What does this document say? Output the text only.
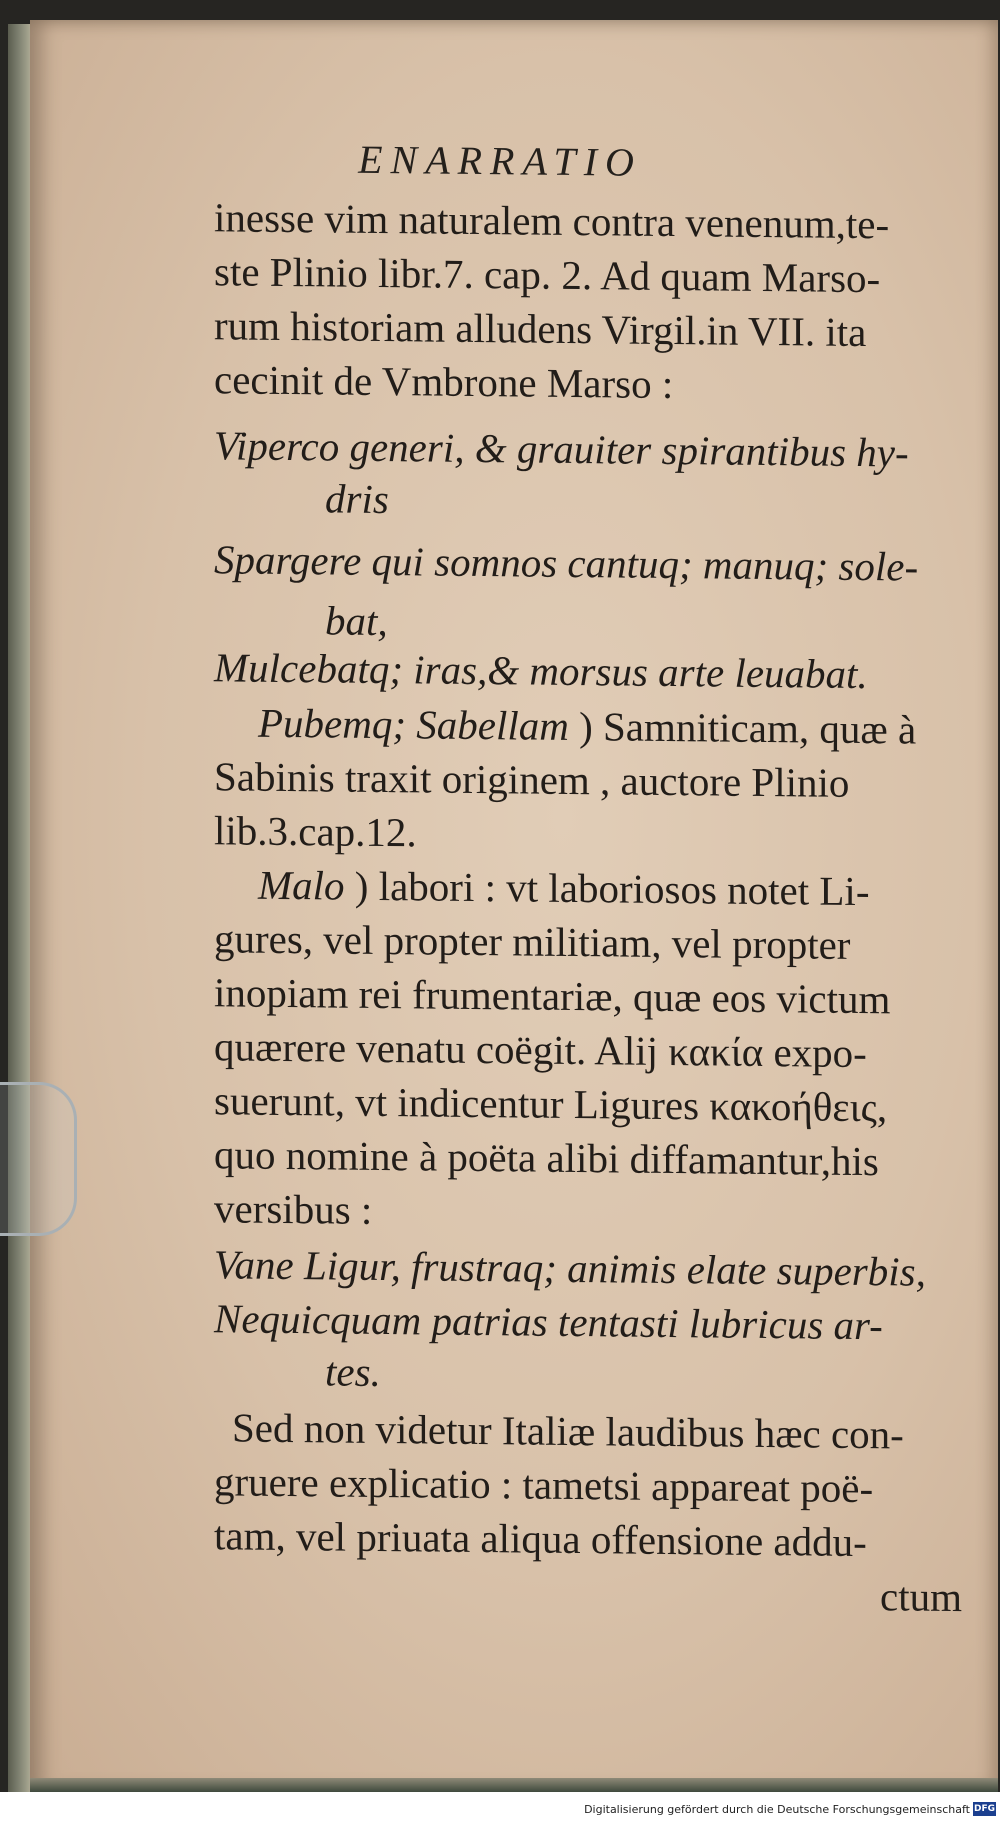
ENARRATIO
inesse vim naturalem contra venenum,te-
ste Plinio libr.7. cap. 2. Ad quam Marso-
rum historiam alludens Virgil.in VII. ita
cecinit de Vmbrone Marso :
Viperco generi, & grauiter spirantibus hy-
dris
Spargere qui somnos cantuq; manuq; sole-
bat,
Mulcebatq; iras,& morsus arte leuabat.
Pubemq; Sabellam ) Samniticam, quæ à
Sabinis traxit originem , auctore Plinio
lib.3.cap.12.
Malo ) labori : vt laboriosos notet Li-
gures, vel propter militiam, vel propter
inopiam rei frumentariæ, quæ eos victum
quærere venatu coëgit. Alij κακία expo-
suerunt, vt indicentur Ligures κακοήθεις,
quo nomine à poëta alibi diffamantur,his
versibus :
Vane Ligur, frustraq; animis elate superbis,
Nequicquam patrias tentasti lubricus ar-
tes.
Sed non videtur Italiæ laudibus hæc con-
gruere explicatio : tametsi appareat poë-
tam, vel priuata aliqua offensione addu-
ctum
Digitalisierung gefördert durch die Deutsche Forschungsgemeinschaft DFG
